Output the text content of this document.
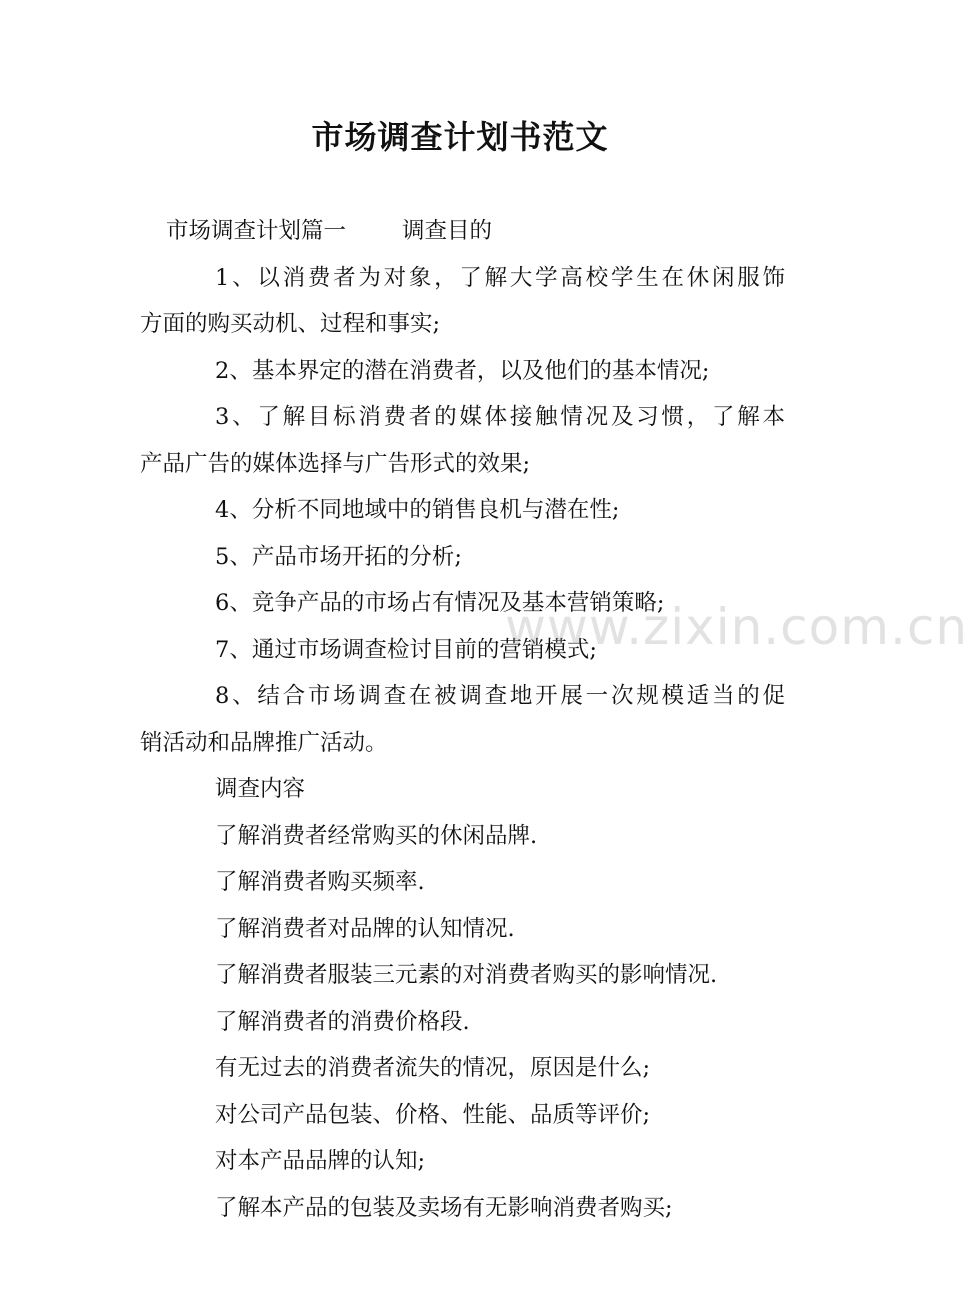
市场调查计划书范文
市场调查计划篇一 调查目的
1、以消费者为对象，了解大学高校学生在休闲服饰
方面的购买动机、过程和事实;
2、基本界定的潜在消费者，以及他们的基本情况;
3、了解目标消费者的媒体接触情况及习惯，了解本
产品广告的媒体选择与广告形式的效果;
4、分析不同地域中的销售良机与潜在性;
5、产品市场开拓的分析;
6、竞争产品的市场占有情况及基本营销策略;
7、通过市场调查检讨目前的营销模式;
8、结合市场调查在被调查地开展一次规模适当的促
销活动和品牌推广活动。
调查内容
了解消费者经常购买的休闲品牌.
了解消费者购买频率.
了解消费者对品牌的认知情况.
了解消费者服装三元素的对消费者购买的影响情况.
了解消费者的消费价格段.
有无过去的消费者流失的情况，原因是什么;
对公司产品包装、价格、性能、品质等评价;
对本产品品牌的认知;
了解本产品的包装及卖场有无影响消费者购买;
www.zixin.com.cn
